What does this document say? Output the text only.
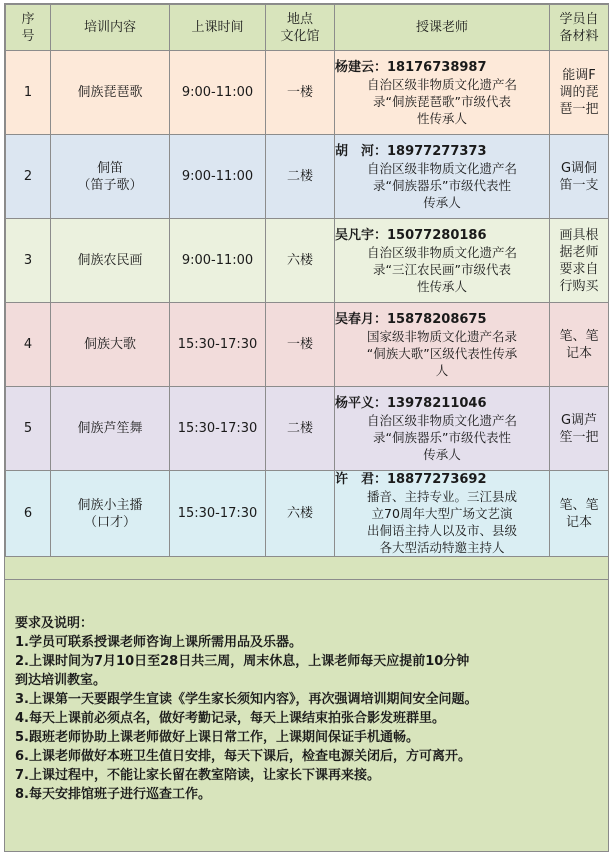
序
号	培训内容	上课时间	地点
文化馆	授课老师	学员自
备材料

1	侗族琵琶歌	9:00-11:00	一楼	杨建云：18176738987
自治区级非物质文化遗产名
录“侗族琵琶歌”市级代表
性传承人	能调F
调的琵
琶一把

2	侗笛
（笛子歌）	9:00-11:00	二楼	胡　河：18977277373
自治区级非物质文化遗产名
录“侗族器乐”市级代表性
传承人	G调侗
笛一支

3	侗族农民画	9:00-11:00	六楼	吴凡宇：15077280186
自治区级非物质文化遗产名
录“三江农民画”市级代表
性传承人	画具根
据老师
要求自
行购买

4	侗族大歌	15:30-17:30	一楼	吴春月：15878208675
国家级非物质文化遗产名录
“侗族大歌”区级代表性传承
人	笔、笔
记本

5	侗族芦笙舞	15:30-17:30	二楼	杨平义：13978211046
自治区级非物质文化遗产名
录“侗族器乐”市级代表性
传承人	G调芦
笙一把

6	侗族小主播
（口才）	15:30-17:30	六楼	许　君：18877273692
播音、主持专业。三江县成
立70周年大型广场文艺演
出侗语主持人以及市、县级
各大型活动特邀主持人	笔、笔
记本
要求及说明：
1.学员可联系授课老师咨询上课所需用品及乐器。
2.上课时间为7月10日至28日共三周，周末休息，上课老师每天应提前10分钟
到达培训教室。
3.上课第一天要跟学生宣读《学生家长须知内容》，再次强调培训期间安全问题。
4.每天上课前必须点名，做好考勤记录，每天上课结束拍张合影发班群里。
5.跟班老师协助上课老师做好上课日常工作，上课期间保证手机通畅。
6.上课老师做好本班卫生值日安排，每天下课后，检查电源关闭后，方可离开。
7.上课过程中，不能让家长留在教室陪读，让家长下课再来接。
8.每天安排馆班子进行巡查工作。
